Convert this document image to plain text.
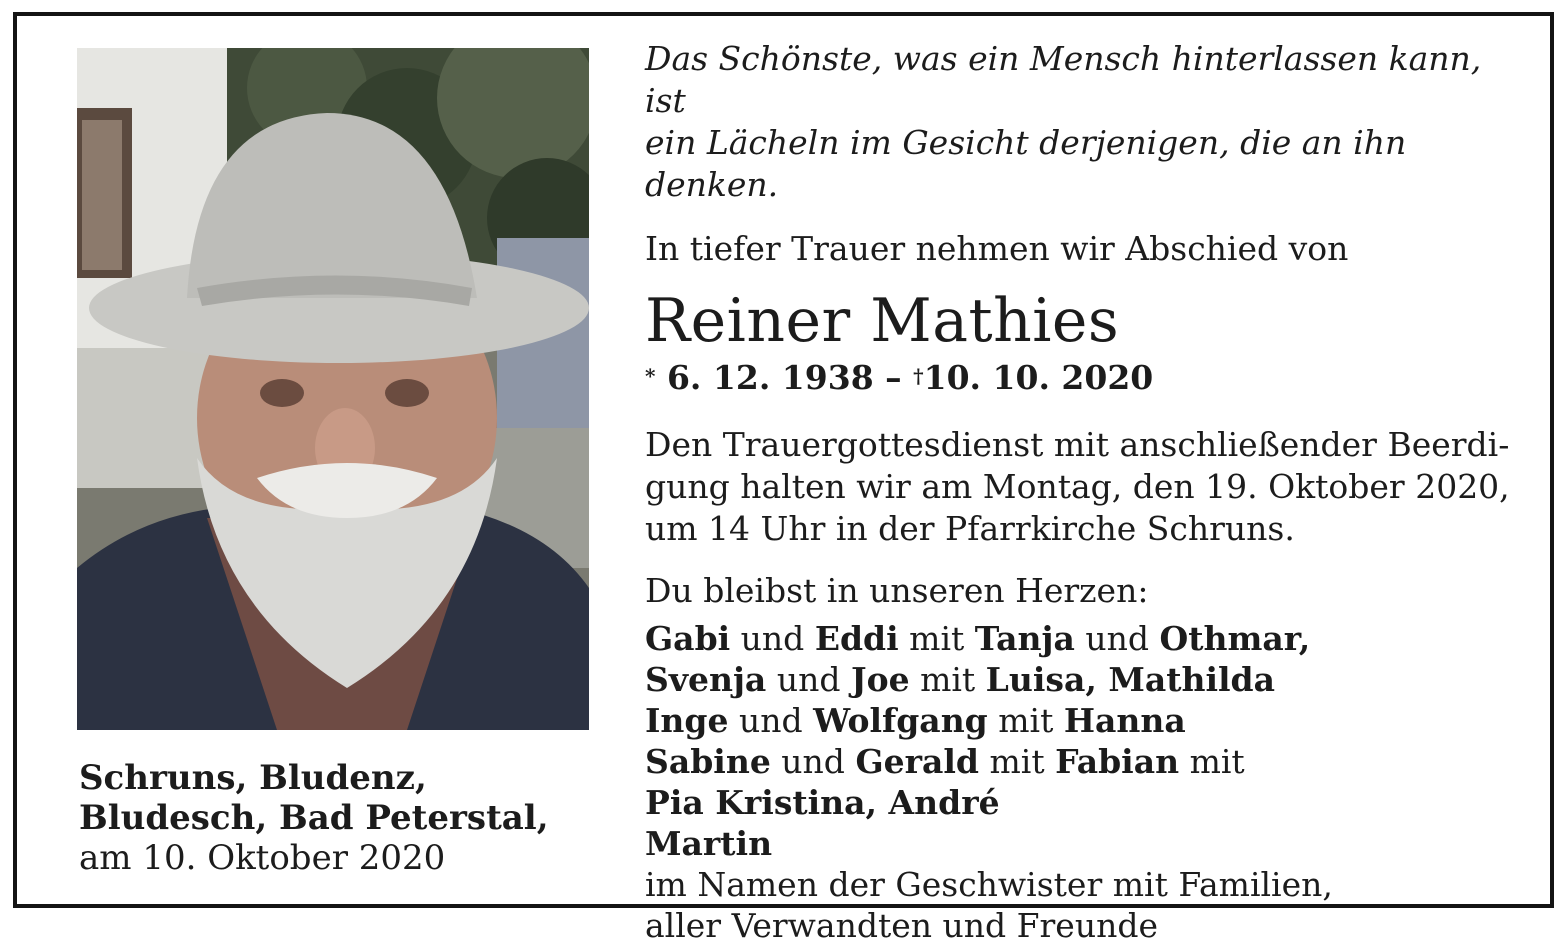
Schruns, Bludenz,
Bludesch, Bad Peterstal,
am 10. Oktober 2020
Das Schönste, was ein Mensch hinterlassen kann, ist
ein Lächeln im Gesicht derjenigen, die an ihn denken.
In tiefer Trauer nehmen wir Abschied von
Reiner Mathies
* 6. 12. 1938 – †10. 10. 2020
Den Trauergottesdienst mit anschließender Beerdi-
gung halten wir am Montag, den 19. Oktober 2020,
um 14 Uhr in der Pfarrkirche Schruns.
Du bleibst in unseren Herzen:
Gabi und Eddi mit Tanja und Othmar,
Svenja und Joe mit Luisa, Mathilda
Inge und Wolfgang mit Hanna
Sabine und Gerald mit Fabian mit
Pia Kristina, André
Martin
im Namen der Geschwister mit Familien,
aller Verwandten und Freunde
